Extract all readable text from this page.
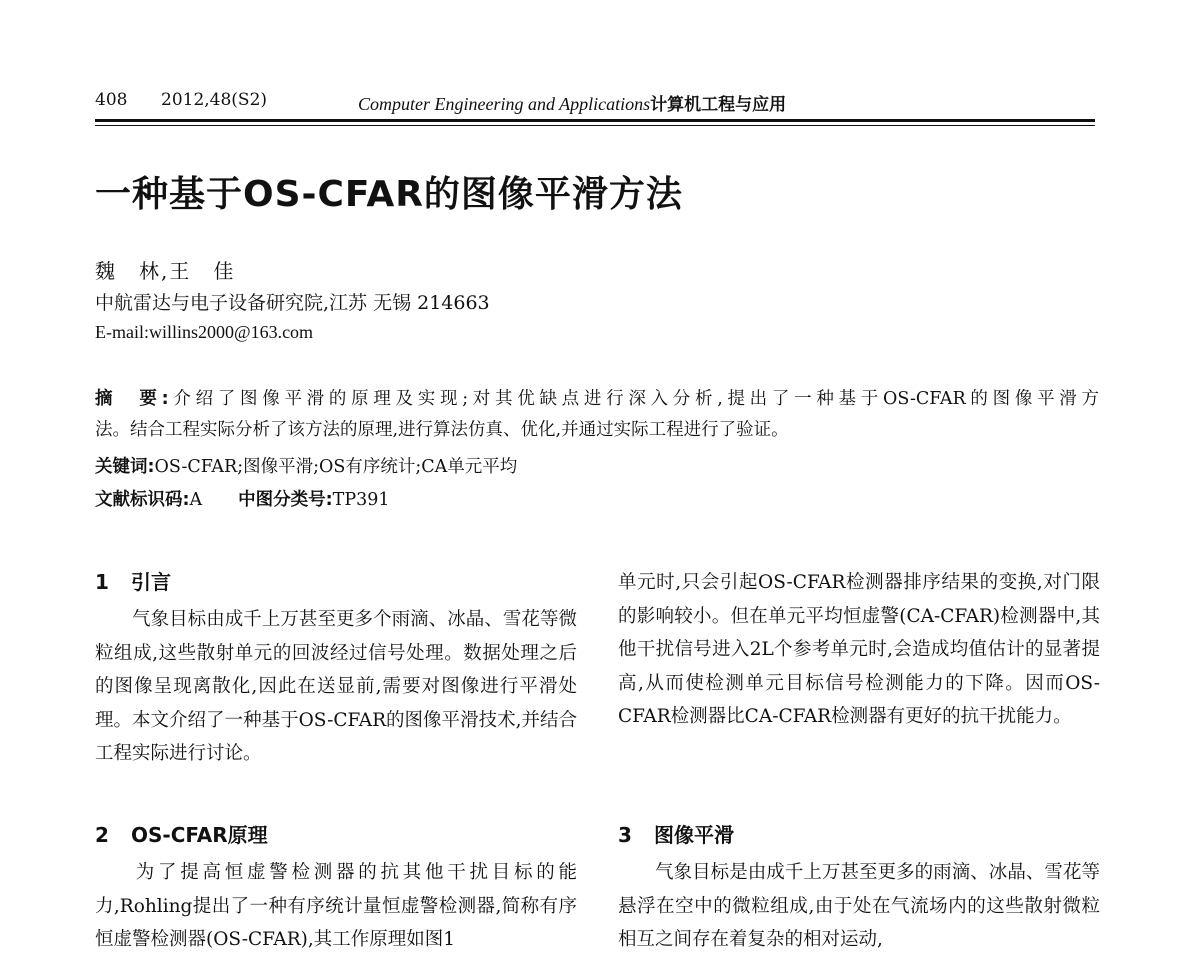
408 2012,48(S2)	Computer Engineering and Applications计算机工程与应用
一种基于OS-CFAR的图像平滑方法
魏　林,王　佳
中航雷达与电子设备研究院,江苏 无锡 214663
E-mail:willins2000@163.com
摘　要:介绍了图像平滑的原理及实现;对其优缺点进行深入分析,提出了一种基于OS-CFAR的图像平滑方
法。结合工程实际分析了该方法的原理,进行算法仿真、优化,并通过实际工程进行了验证。
关键词:OS-CFAR;图像平滑;OS有序统计;CA单元平均
文献标识码:A 中图分类号:TP391
1 引言
气象目标由成千上万甚至更多个雨滴、冰晶、雪花等微粒组成,这些散射单元的回波经过信号处理。数据处理之后的图像呈现离散化,因此在送显前,需要对图像进行平滑处理。本文介绍了一种基于OS-CFAR的图像平滑技术,并结合工程实际进行讨论。
2 OS-CFAR原理
为了提高恒虚警检测器的抗其他干扰目标的能力,Rohling提出了一种有序统计量恒虚警检测器,简称有序恒虚警检测器(OS-CFAR),其工作原理如图1
单元时,只会引起OS-CFAR检测器排序结果的变换,对门限的影响较小。但在单元平均恒虚警(CA-CFAR)检测器中,其他干扰信号进入2L个参考单元时,会造成均值估计的显著提高,从而使检测单元目标信号检测能力的下降。因而OS-CFAR检测器比CA-CFAR检测器有更好的抗干扰能力。
3 图像平滑
气象目标是由成千上万甚至更多的雨滴、冰晶、雪花等悬浮在空中的微粒组成,由于处在气流场内的这些散射微粒相互之间存在着复杂的相对运动,
